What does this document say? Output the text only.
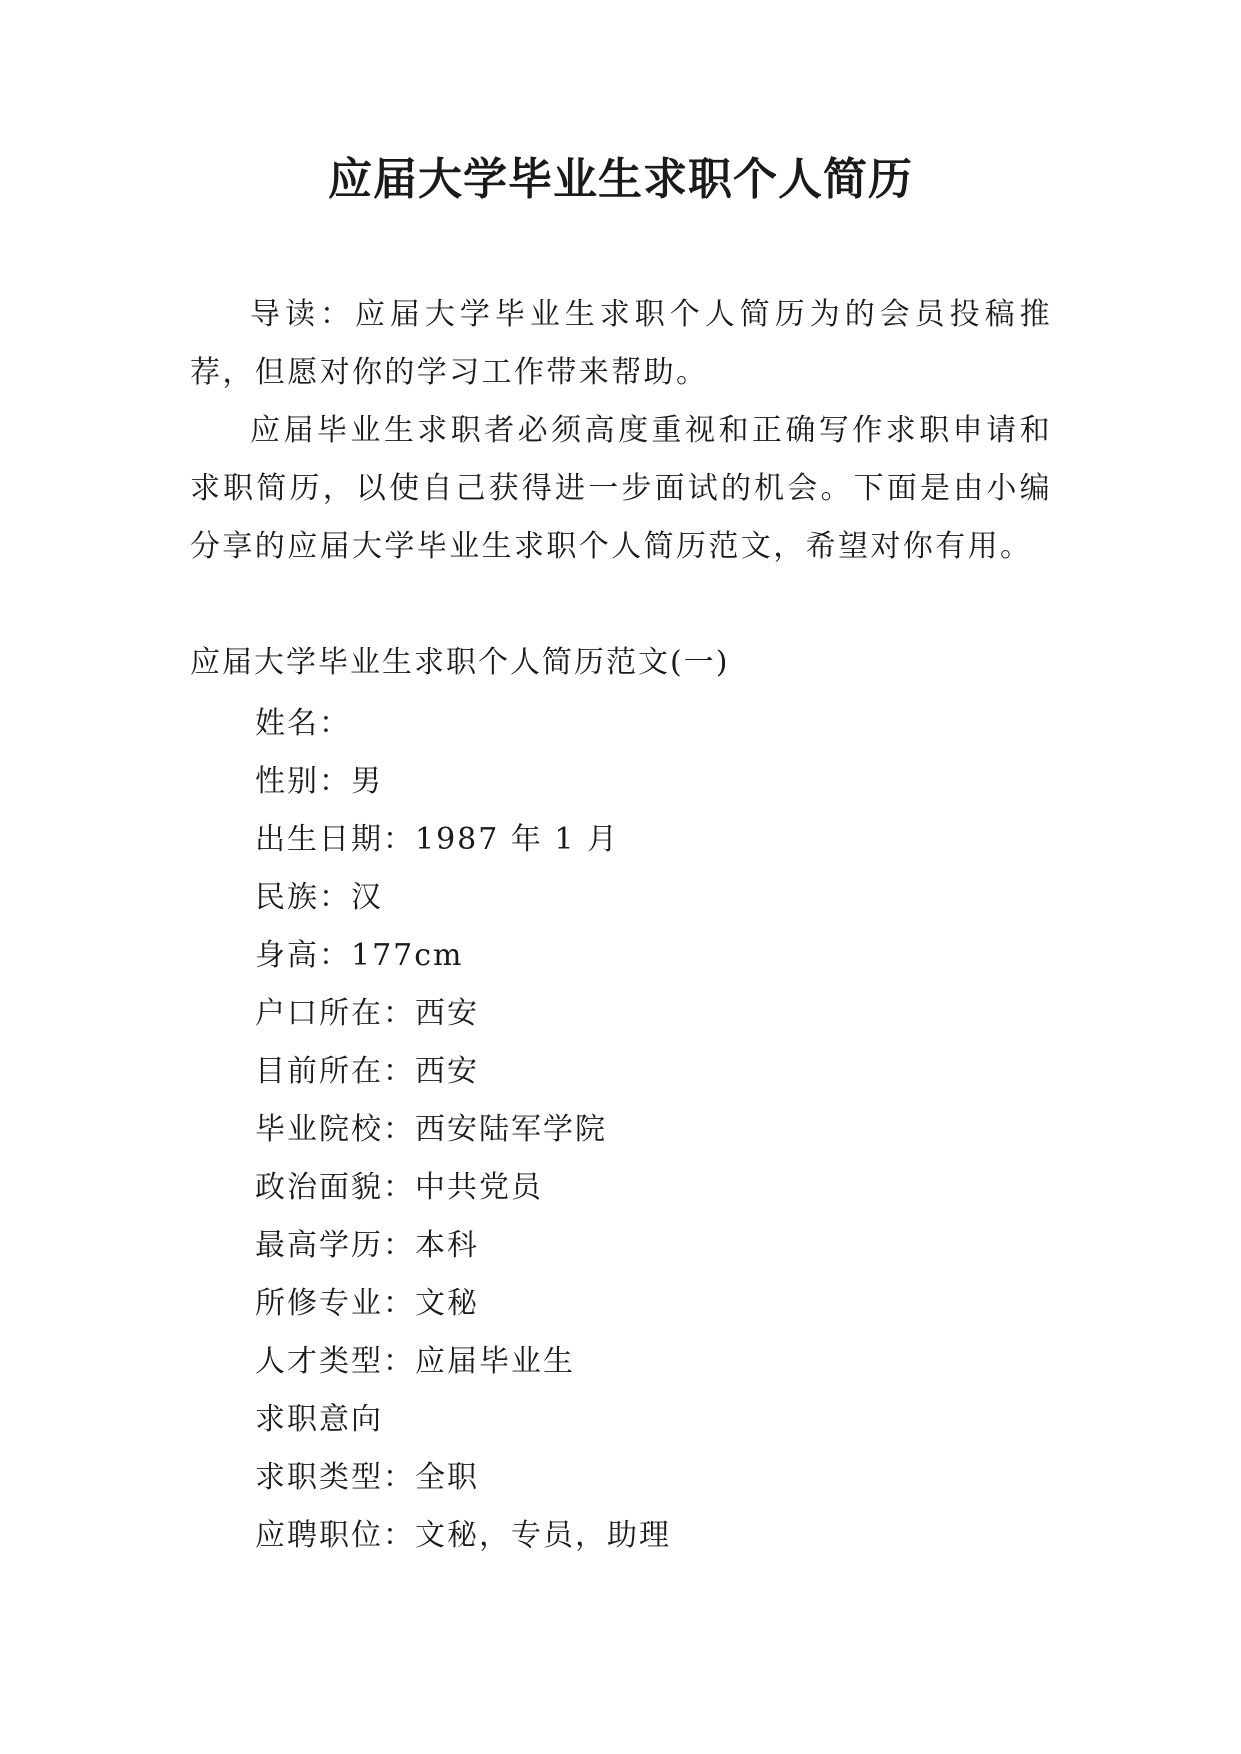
应届大学毕业生求职个人简历

导读：应届大学毕业生求职个人简历为的会员投稿推荐，但愿对你的学习工作带来帮助。

应届毕业生求职者必须高度重视和正确写作求职申请和求职简历，以使自己获得进一步面试的机会。下面是由小编分享的应届大学毕业生求职个人简历范文，希望对你有用。

应届大学毕业生求职个人简历范文(一)

姓名：
性别：男
出生日期：1987 年 1 月
民族：汉
身高：177cm
户口所在：西安
目前所在：西安
毕业院校：西安陆军学院
政治面貌：中共党员
最高学历：本科
所修专业：文秘
人才类型：应届毕业生
求职意向
求职类型：全职
应聘职位：文秘，专员，助理
